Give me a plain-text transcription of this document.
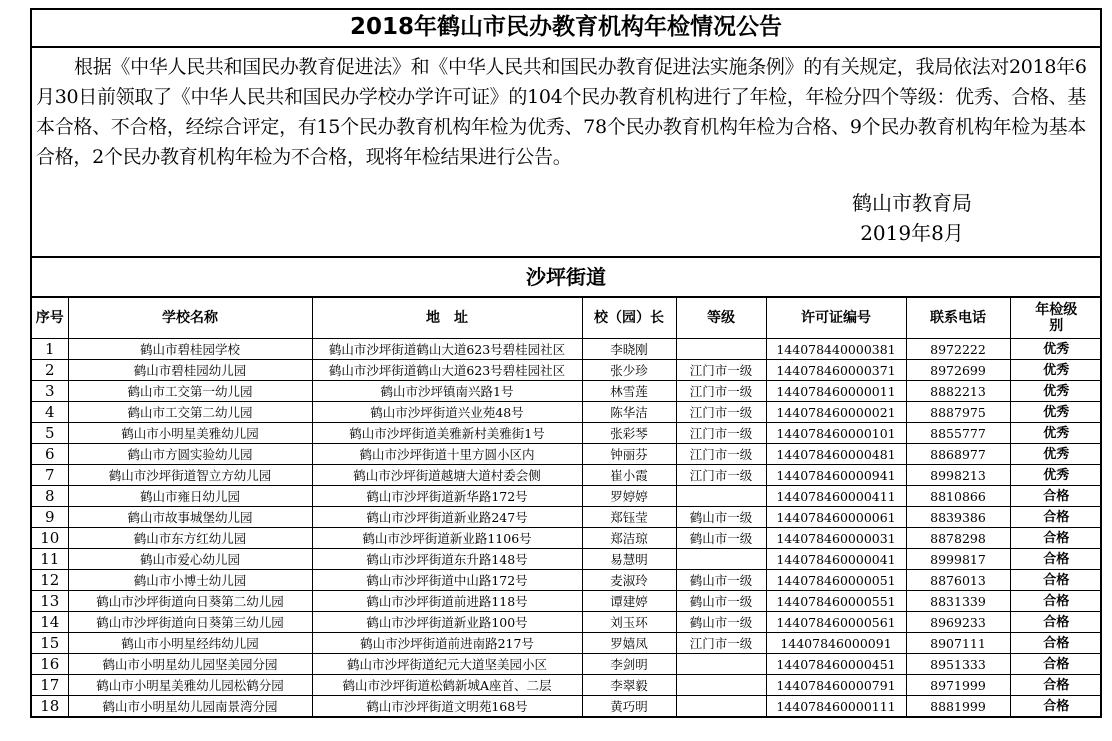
2018年鹤山市民办教育机构年检情况公告
根据《中华人民共和国民办教育促进法》和《中华人民共和国民办教育促进法实施条例》的有关规定，我局依法对2018年6月30日前领取了《中华人民共和国民办学校办学许可证》的104个民办教育机构进行了年检，年检分四个等级：优秀、合格、基本合格、不合格，经综合评定，有15个民办教育机构年检为优秀、78个民办教育机构年检为合格、9个民办教育机构年检为基本合格，2个民办教育机构年检为不合格，现将年检结果进行公告。
鹤山市教育局
2019年8月
沙坪街道
序号	学校名称	地　址	校（园）长	等级	许可证编号	联系电话	年检级别
1	鹤山市碧桂园学校	鹤山市沙坪街道鹤山大道623号碧桂园社区	李晓刚		144078440000381	8972222	优秀
2	鹤山市碧桂园幼儿园	鹤山市沙坪街道鹤山大道623号碧桂园社区	张少珍	江门市一级	144078460000371	8972699	优秀
3	鹤山市工交第一幼儿园	鹤山市沙坪镇南兴路1号	林雪莲	江门市一级	144078460000011	8882213	优秀
4	鹤山市工交第二幼儿园	鹤山市沙坪街道兴业苑48号	陈华洁	江门市一级	144078460000021	8887975	优秀
5	鹤山市小明星美雅幼儿园	鹤山市沙坪街道美雅新村美雅街1号	张彩琴	江门市一级	144078460000101	8855777	优秀
6	鹤山市方圆实验幼儿园	鹤山市沙坪街道十里方圆小区内	钟丽芬	江门市一级	144078460000481	8868977	优秀
7	鹤山市沙坪街道智立方幼儿园	鹤山市沙坪街道越塘大道村委会侧	崔小霞	江门市一级	144078460000941	8998213	优秀
8	鹤山市雍日幼儿园	鹤山市沙坪街道新华路172号	罗婷婷		144078460000411	8810866	合格
9	鹤山市故事城堡幼儿园	鹤山市沙坪街道新业路247号	郑钰莹	鹤山市一级	144078460000061	8839386	合格
10	鹤山市东方红幼儿园	鹤山市沙坪街道新业路1106号	郑洁琼	鹤山市一级	144078460000031	8878298	合格
11	鹤山市爱心幼儿园	鹤山市沙坪街道东升路148号	易慧明		144078460000041	8999817	合格
12	鹤山市小博士幼儿园	鹤山市沙坪街道中山路172号	麦淑玲	鹤山市一级	144078460000051	8876013	合格
13	鹤山市沙坪街道向日葵第二幼儿园	鹤山市沙坪街道前进路118号	谭建婷	鹤山市一级	144078460000551	8831339	合格
14	鹤山市沙坪街道向日葵第三幼儿园	鹤山市沙坪街道新业路100号	刘玉环	鹤山市一级	144078460000561	8969233	合格
15	鹤山市小明星经纬幼儿园	鹤山市沙坪街道前进南路217号	罗嬉凤	江门市一级	14407846000091	8907111	合格
16	鹤山市小明星幼儿园坚美园分园	鹤山市沙坪街道纪元大道坚美园小区	李剑明		144078460000451	8951333	合格
17	鹤山市小明星美雅幼儿园松鹤分园	鹤山市沙坪街道松鹤新城A座首、二层	李翠毅		144078460000791	8971999	合格
18	鹤山市小明星幼儿园南景湾分园	鹤山市沙坪街道文明苑168号	黄巧明		144078460000111	8881999	合格
